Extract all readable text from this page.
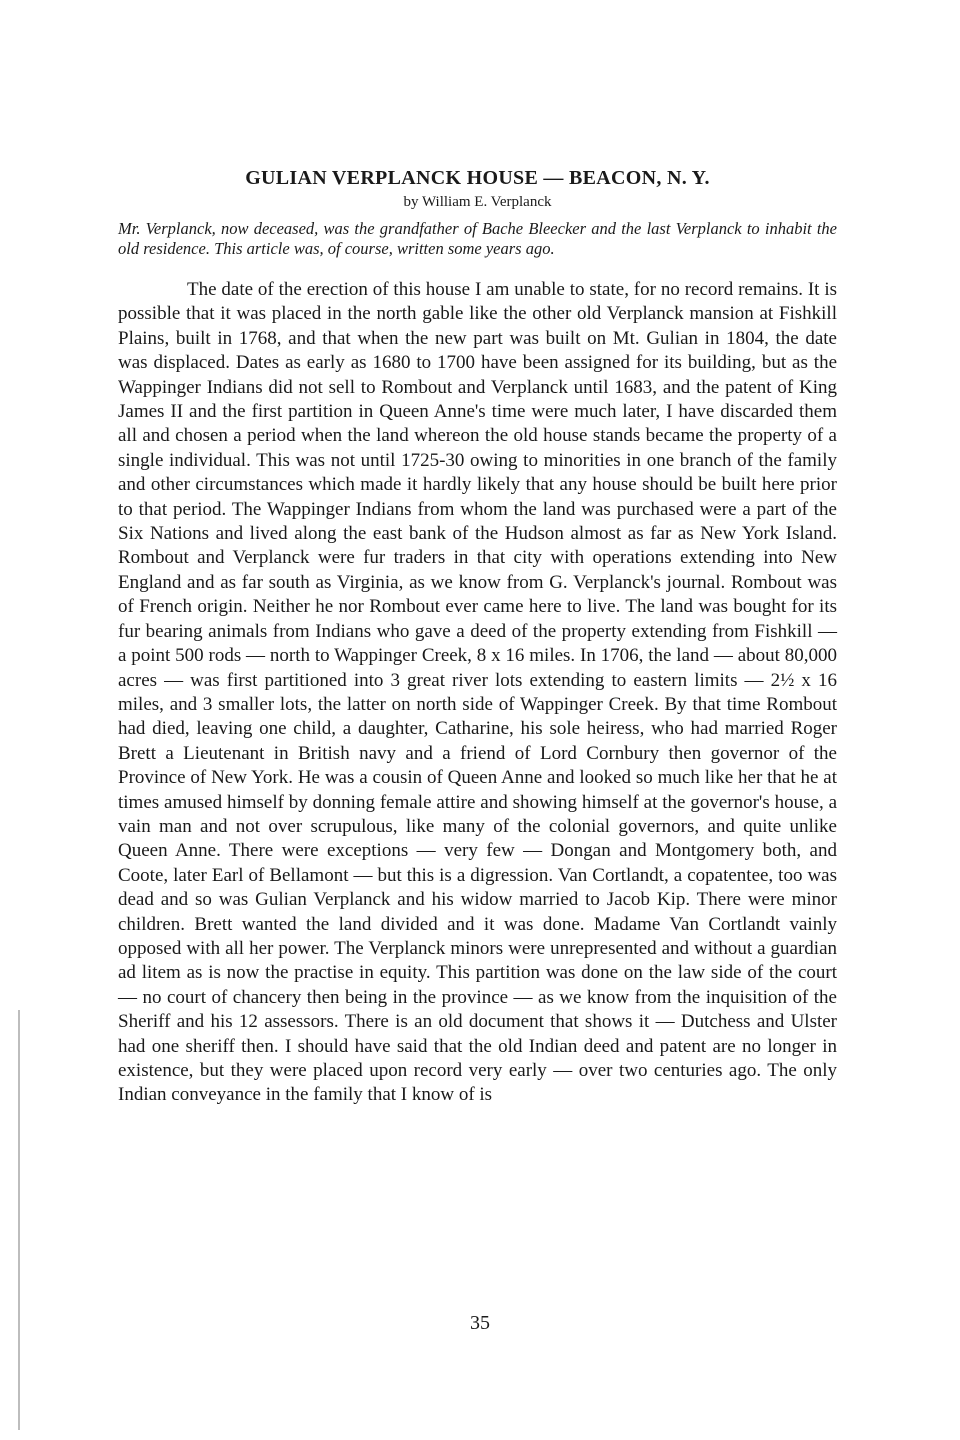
GULIAN VERPLANCK HOUSE — BEACON, N. Y.
by William E. Verplanck

Mr. Verplanck, now deceased, was the grandfather of Bache Bleecker and the last Verplanck to inhabit the old residence. This article was, of course, written some years ago.

The date of the erection of this house I am unable to state, for no record remains. It is possible that it was placed in the north gable like the other old Verplanck mansion at Fishkill Plains, built in 1768, and that when the new part was built on Mt. Gulian in 1804, the date was displaced. Dates as early as 1680 to 1700 have been assigned for its building, but as the Wappinger Indians did not sell to Rombout and Verplanck until 1683, and the patent of King James II and the first partition in Queen Anne's time were much later, I have discarded them all and chosen a period when the land whereon the old house stands became the property of a single individual. This was not until 1725-30 owing to minorities in one branch of the family and other circumstances which made it hardly likely that any house should be built here prior to that period. The Wappinger Indians from whom the land was purchased were a part of the Six Nations and lived along the east bank of the Hudson almost as far as New York Island. Rombout and Verplanck were fur traders in that city with operations extending into New England and as far south as Virginia, as we know from G. Verplanck's journal. Rombout was of French origin. Neither he nor Rombout ever came here to live. The land was bought for its fur bearing animals from Indians who gave a deed of the property extending from Fishkill — a point 500 rods — north to Wappinger Creek, 8 x 16 miles. In 1706, the land — about 80,000 acres — was first partitioned into 3 great river lots extending to eastern limits — 2½ x 16 miles, and 3 smaller lots, the latter on north side of Wappinger Creek. By that time Rombout had died, leaving one child, a daughter, Catharine, his sole heiress, who had married Roger Brett a Lieutenant in British navy and a friend of Lord Cornbury then governor of the Province of New York. He was a cousin of Queen Anne and looked so much like her that he at times amused himself by donning female attire and showing himself at the governor's house, a vain man and not over scrupulous, like many of the colonial governors, and quite unlike Queen Anne. There were exceptions — very few — Dongan and Montgomery both, and Coote, later Earl of Bellamont — but this is a digression. Van Cortlandt, a copatentee, too was dead and so was Gulian Verplanck and his widow married to Jacob Kip. There were minor children. Brett wanted the land divided and it was done. Madame Van Cortlandt vainly opposed with all her power. The Verplanck minors were unrepresented and without a guardian ad litem as is now the practise in equity. This partition was done on the law side of the court — no court of chancery then being in the province — as we know from the inquisition of the Sheriff and his 12 assessors. There is an old document that shows it — Dutchess and Ulster had one sheriff then. I should have said that the old Indian deed and patent are no longer in existence, but they were placed upon record very early — over two centuries ago. The only Indian conveyance in the family that I know of is

35
